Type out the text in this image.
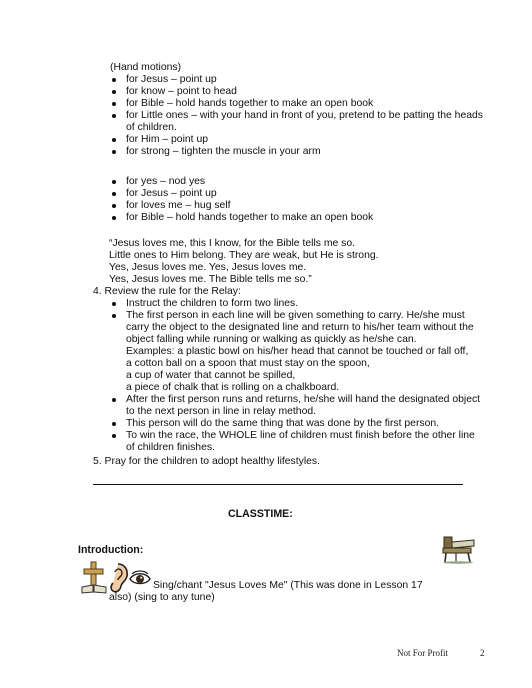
(Hand motions)
for Jesus – point up
for know – point to head
for Bible – hold hands together to make an open book
for Little ones – with your hand in front of you, pretend to be patting the heads
of children.
for Him – point up
for strong – tighten the muscle in your arm
for yes – nod yes
for Jesus – point up
for loves me – hug self
for Bible – hold hands together to make an open book
“Jesus loves me, this I know, for the Bible tells me so.
Little ones to Him belong. They are weak, but He is strong.
Yes, Jesus loves me. Yes, Jesus loves me.
Yes, Jesus loves me. The Bible tells me so.”
4. Review the rule for the Relay:
Instruct the children to form two lines.
The first person in each line will be given something to carry. He/she must
carry the object to the designated line and return to his/her team without the
object falling while running or walking as quickly as he/she can.
Examples: a plastic bowl on his/her head that cannot be touched or fall off,
a cotton ball on a spoon that must stay on the spoon,
a cup of water that cannot be spilled,
a piece of chalk that is rolling on a chalkboard.
After the first person runs and returns, he/she will hand the designated object
to the next person in line in relay method.
This person will do the same thing that was done by the first person.
To win the race, the WHOLE line of children must finish before the other line
of children finishes.
5. Pray for the children to adopt healthy lifestyles.
CLASSTIME:
Introduction:
Sing/chant "Jesus Loves Me" (This was done in Lesson 17
also) (sing to any tune)
Not For Profit	2
